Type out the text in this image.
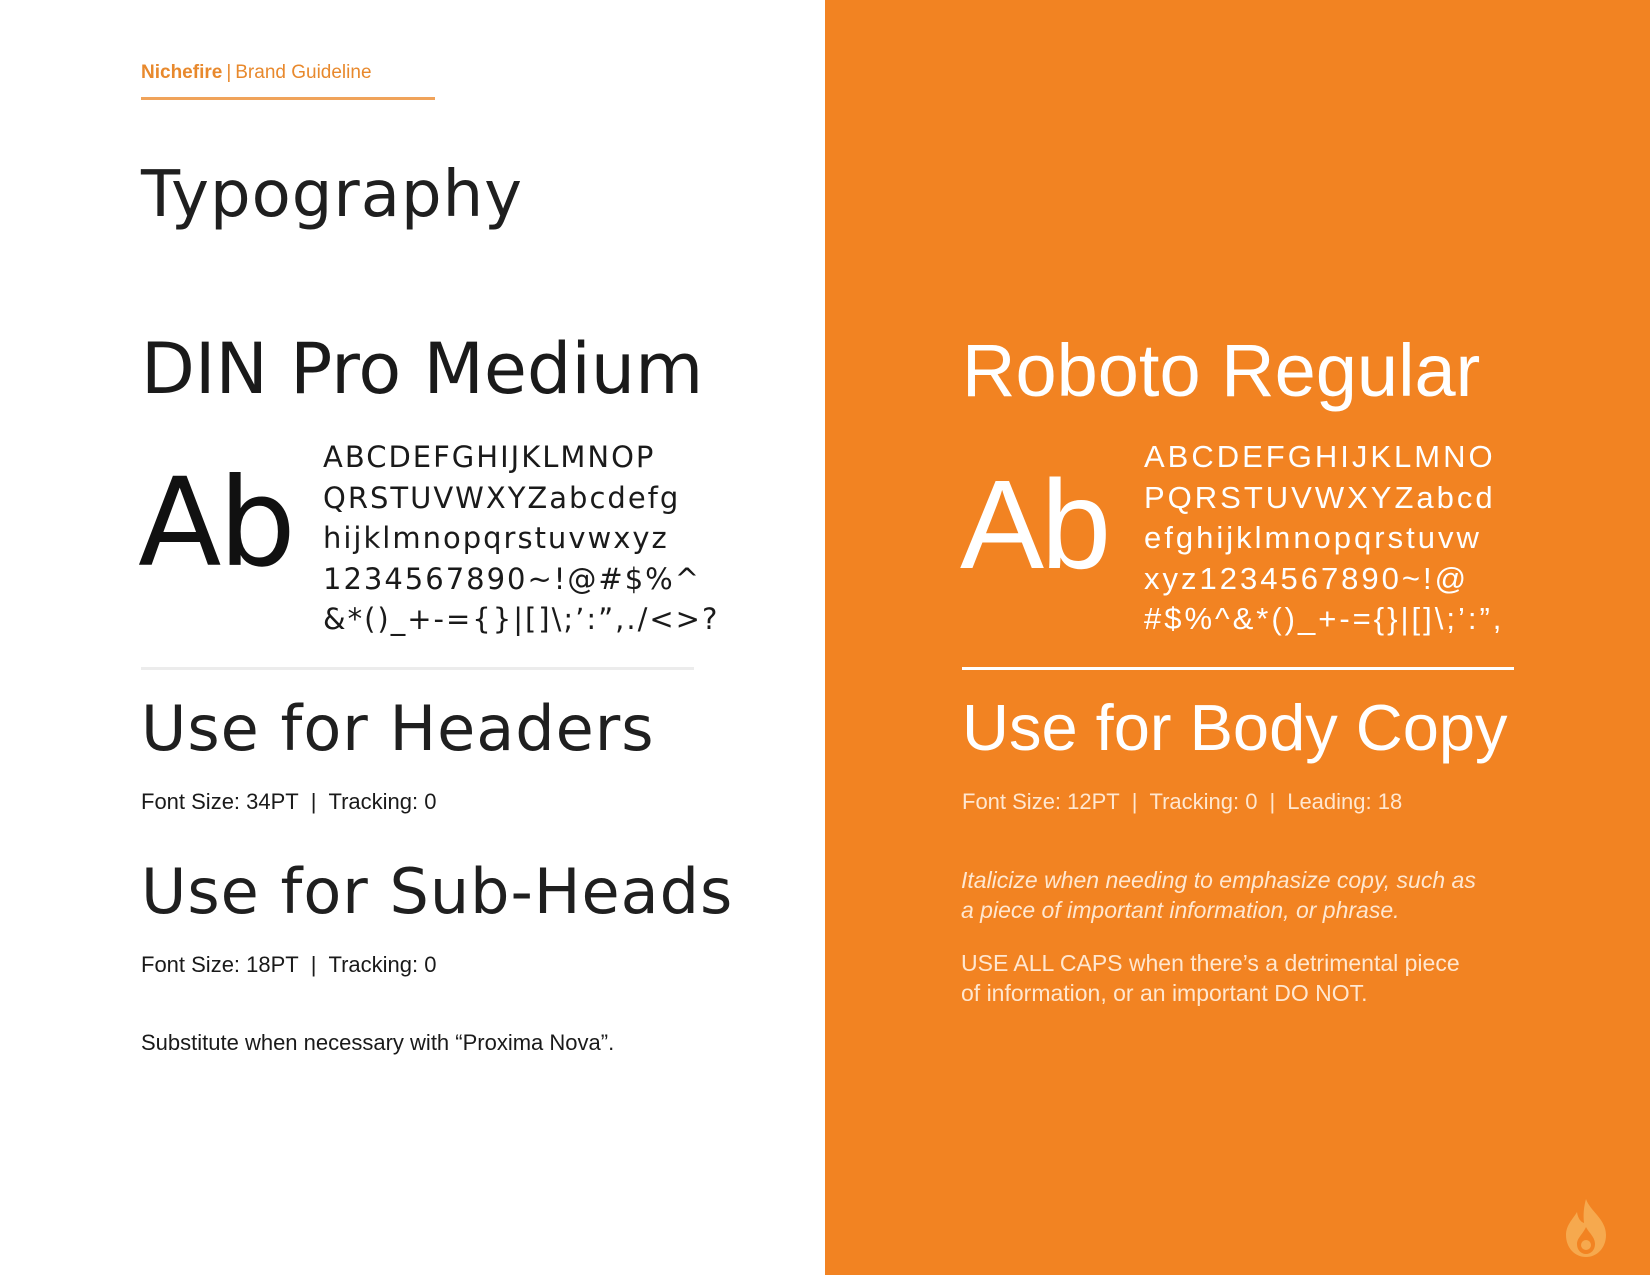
Nichefire | Brand Guideline
Typography
DIN Pro Medium
Ab ABCDEFGHIJKLMNOP
QRSTUVWXYZabcdefg
hijklmnopqrstuvwxyz
1234567890~!@#$%^
&*()_+-={}|[]\;’:”,./<>?
Use for Headers
Font Size: 34PT | Tracking: 0
Use for Sub-Heads
Font Size: 18PT | Tracking: 0
Substitute when necessary with “Proxima Nova”.
Roboto Regular
Ab ABCDEFGHIJKLMNO
PQRSTUVWXYZabcd
efghijklmnopqrstuvw
xyz1234567890~!@
#$%^&*()_+-={}|[]\;’:”,
Use for Body Copy
Font Size: 12PT | Tracking: 0 | Leading: 18
Italicize when needing to emphasize copy, such as
a piece of important information, or phrase.
USE ALL CAPS when there’s a detrimental piece
of information, or an important DO NOT.
